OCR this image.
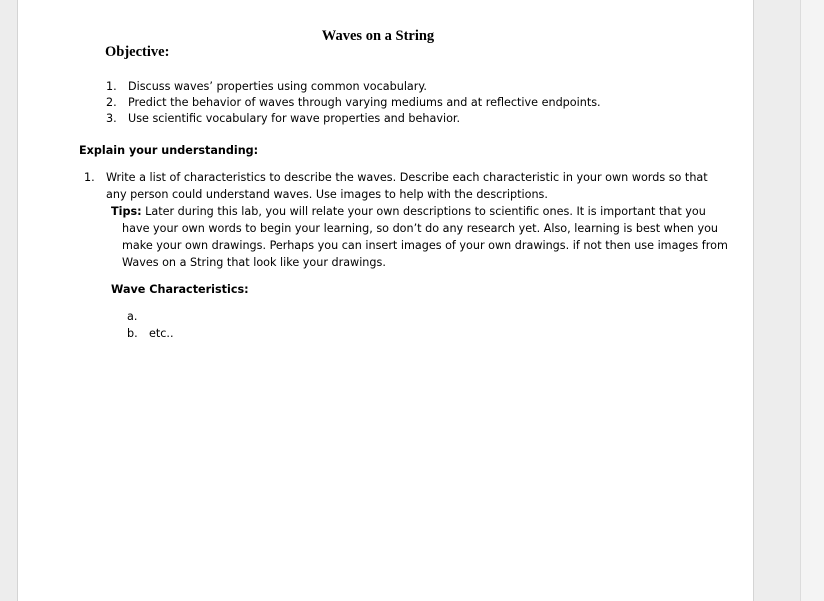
Waves on a String
Objective:
1. Discuss waves’ properties using common vocabulary.
2. Predict the behavior of waves through varying mediums and at reflective endpoints.
3. Use scientific vocabulary for wave properties and behavior.
Explain your understanding:
1. Write a list of characteristics to describe the waves. Describe each characteristic in your own words so that any person could understand waves. Use images to help with the descriptions.
Tips: Later during this lab, you will relate your own descriptions to scientific ones. It is important that you have your own words to begin your learning, so don’t do any research yet. Also, learning is best when you make your own drawings. Perhaps you can insert images of your own drawings. if not then use images from Waves on a String that look like your drawings.
Wave Characteristics:
a.
b. etc..
